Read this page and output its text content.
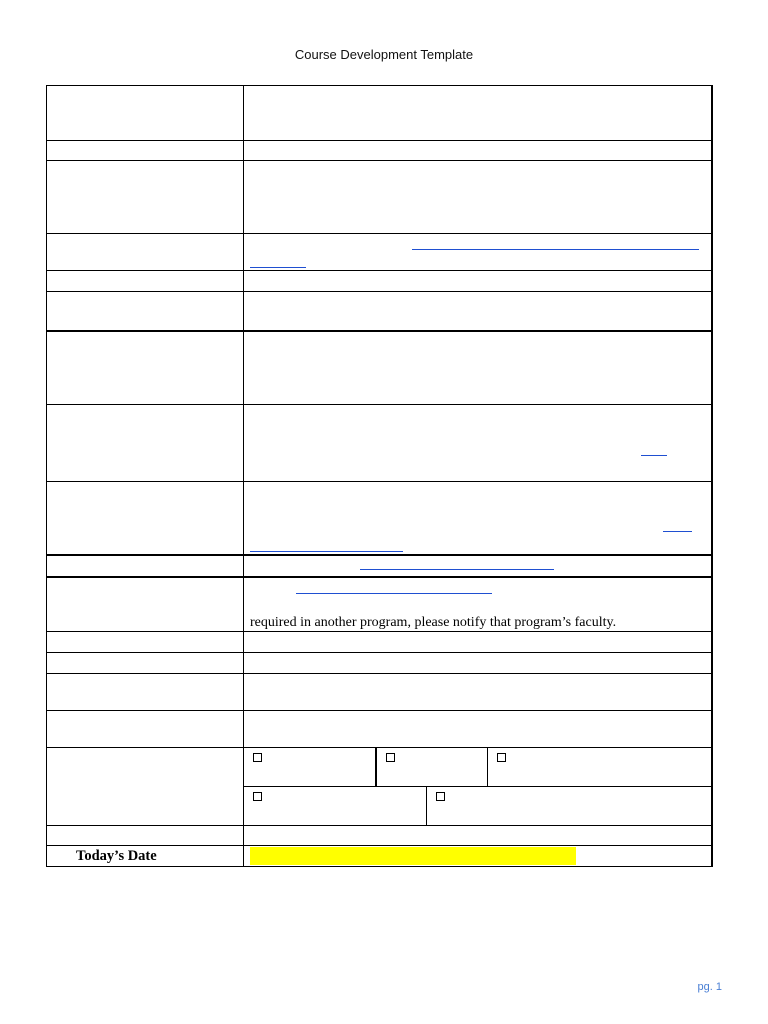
Course Development Template
required in another program, please notify that program’s faculty.
Today’s Date
pg. 1
